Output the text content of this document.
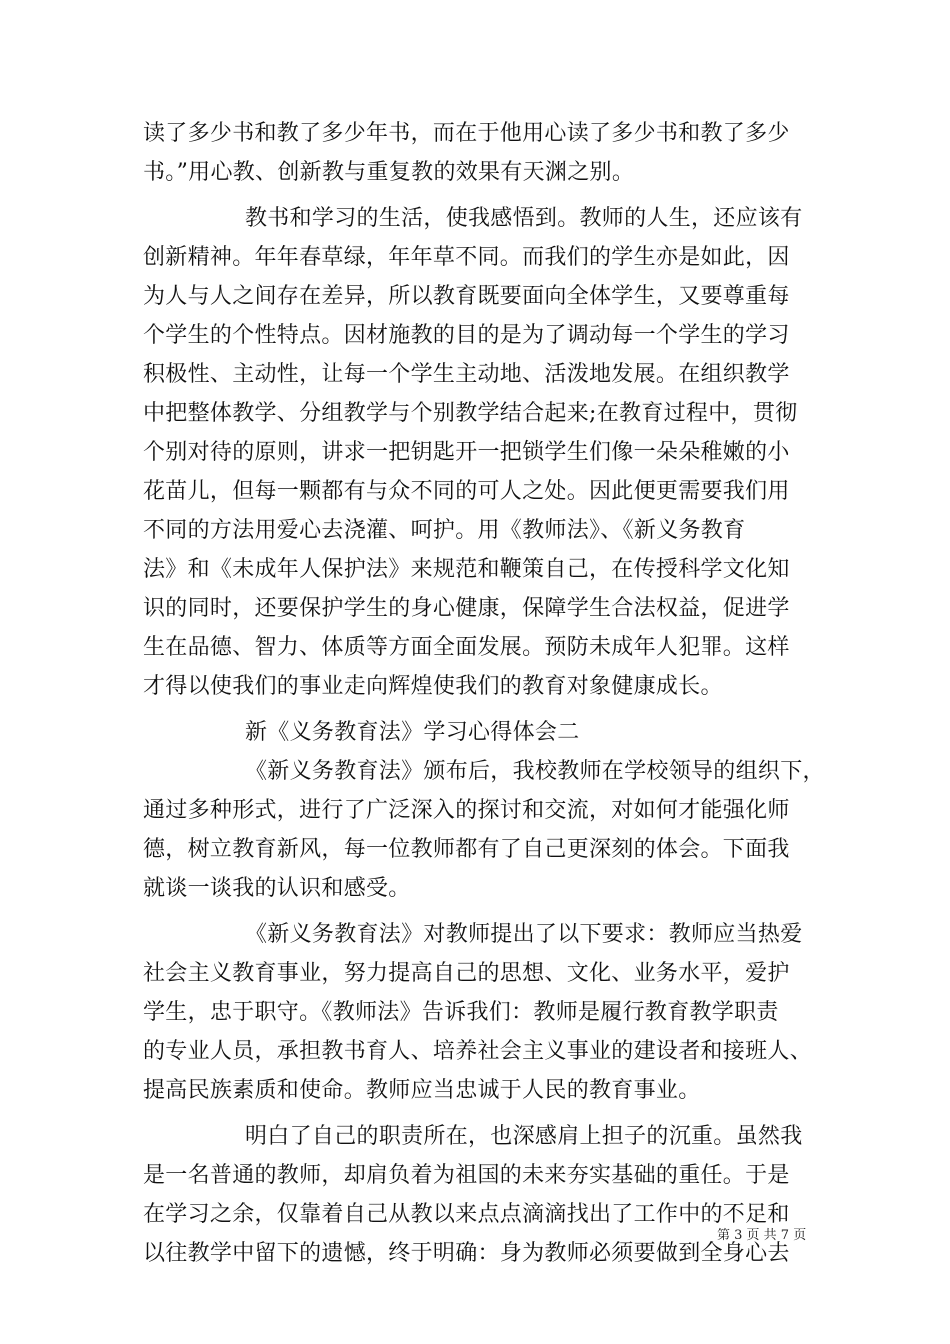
读了多少书和教了多少年书，而在于他用心读了多少书和教了多少
书。”用心教、创新教与重复教的效果有天渊之别。
教书和学习的生活，使我感悟到。教师的人生，还应该有
创新精神。年年春草绿，年年草不同。而我们的学生亦是如此，因
为人与人之间存在差异，所以教育既要面向全体学生，又要尊重每
个学生的个性特点。因材施教的目的是为了调动每一个学生的学习
积极性、主动性，让每一个学生主动地、活泼地发展。在组织教学
中把整体教学、分组教学与个别教学结合起来;在教育过程中，贯彻
个别对待的原则，讲求一把钥匙开一把锁学生们像一朵朵稚嫩的小
花苗儿，但每一颗都有与众不同的可人之处。因此便更需要我们用
不同的方法用爱心去浇灌、呵护。用《教师法》、《新义务教育
法》和《未成年人保护法》来规范和鞭策自己，在传授科学文化知
识的同时，还要保护学生的身心健康，保障学生合法权益，促进学
生在品德、智力、体质等方面全面发展。预防未成年人犯罪。这样
才得以使我们的事业走向辉煌使我们的教育对象健康成长。
新《义务教育法》学习心得体会二
《新义务教育法》颁布后，我校教师在学校领导的组织下，
通过多种形式，进行了广泛深入的探讨和交流，对如何才能强化师
德，树立教育新风，每一位教师都有了自己更深刻的体会。下面我
就谈一谈我的认识和感受。
《新义务教育法》对教师提出了以下要求：教师应当热爱
社会主义教育事业，努力提高自己的思想、文化、业务水平，爱护
学生，忠于职守。《教师法》告诉我们：教师是履行教育教学职责
的专业人员，承担教书育人、培养社会主义事业的建设者和接班人、
提高民族素质和使命。教师应当忠诚于人民的教育事业。
明白了自己的职责所在，也深感肩上担子的沉重。虽然我
是一名普通的教师，却肩负着为祖国的未来夯实基础的重任。于是
在学习之余，仅靠着自己从教以来点点滴滴找出了工作中的不足和
以往教学中留下的遗憾，终于明确：身为教师必须要做到全身心去
第 3 页 共 7 页
